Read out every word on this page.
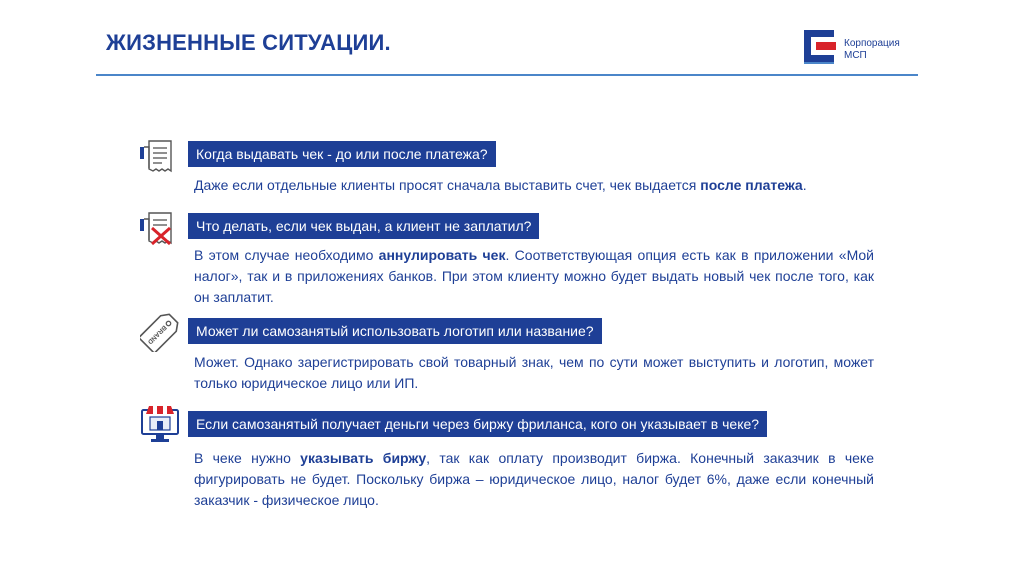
ЖИЗНЕННЫЕ СИТУАЦИИ.	Корпорация
МСП
Когда выдавать чек - до или после платежа?
Даже если отдельные клиенты просят сначала выставить счет, чек выдается после платежа.
Что делать, если чек выдан, а клиент не заплатил?
В этом случае необходимо аннулировать чек. Соответствующая опция есть как в приложении «Мой налог», так и в приложениях банков. При этом клиенту можно будет выдать новый чек после того, как он заплатит.
BRAND	Может ли самозанятый использовать логотип или название?
Может. Однако зарегистрировать свой товарный знак, чем по сути может выступить и логотип, может только юридическое лицо или ИП.
Если самозанятый получает деньги через биржу фриланса, кого он указывает в чеке?
В чеке нужно указывать биржу, так как оплату производит биржа. Конечный заказчик в чеке фигурировать не будет. Поскольку биржа – юридическое лицо, налог будет 6%, даже если конечный заказчик - физическое лицо.
